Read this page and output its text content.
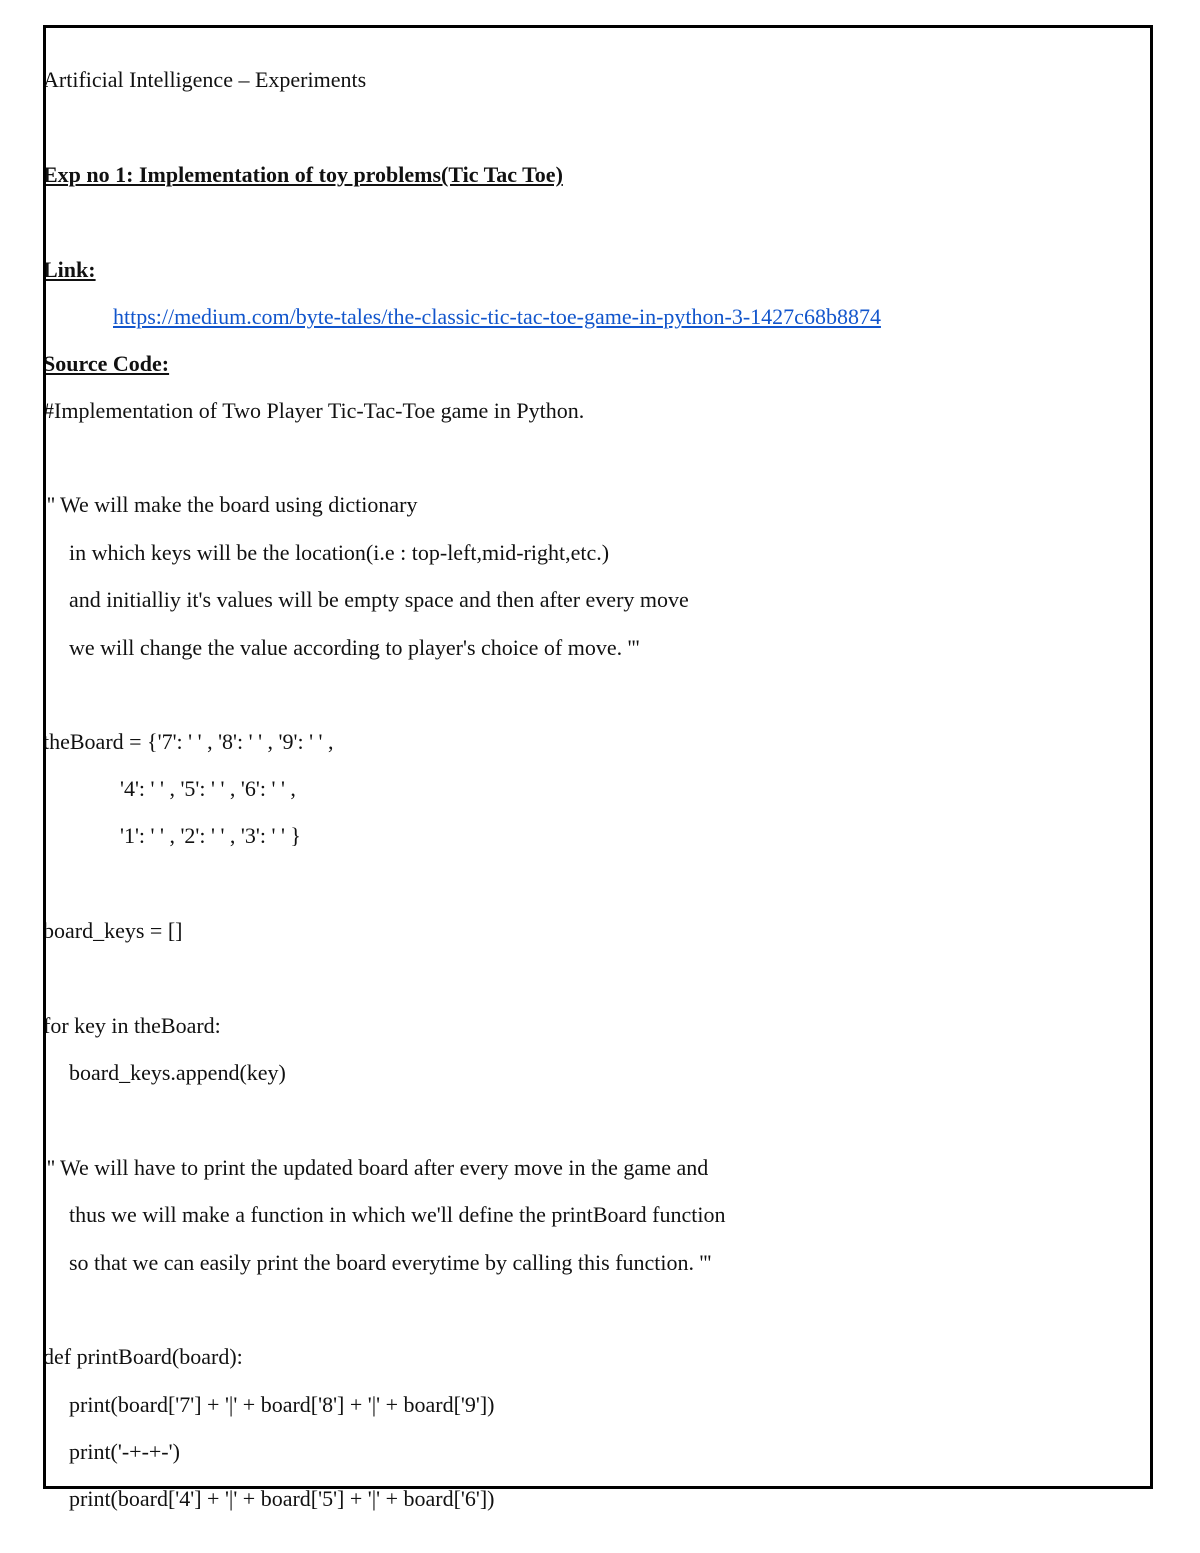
Artificial Intelligence – Experiments
Exp no 1: Implementation of toy problems(Tic Tac Toe)
Link:
https://medium.com/byte-tales/the-classic-tic-tac-toe-game-in-python-3-1427c68b8874
Source Code:
#Implementation of Two Player Tic-Tac-Toe game in Python.
'' We will make the board using dictionary
in which keys will be the location(i.e : top-left,mid-right,etc.)
and initialliy it's values will be empty space and then after every move
we will change the value according to player's choice of move. '''
theBoard = {'7': ' ' , '8': ' ' , '9': ' ' ,
'4': ' ' , '5': ' ' , '6': ' ' ,
'1': ' ' , '2': ' ' , '3': ' ' }
board_keys = []
for key in theBoard:
board_keys.append(key)
'' We will have to print the updated board after every move in the game and
thus we will make a function in which we'll define the printBoard function
so that we can easily print the board everytime by calling this function. '''
def printBoard(board):
print(board['7'] + '|' + board['8'] + '|' + board['9'])
print('-+-+-')
print(board['4'] + '|' + board['5'] + '|' + board['6'])
